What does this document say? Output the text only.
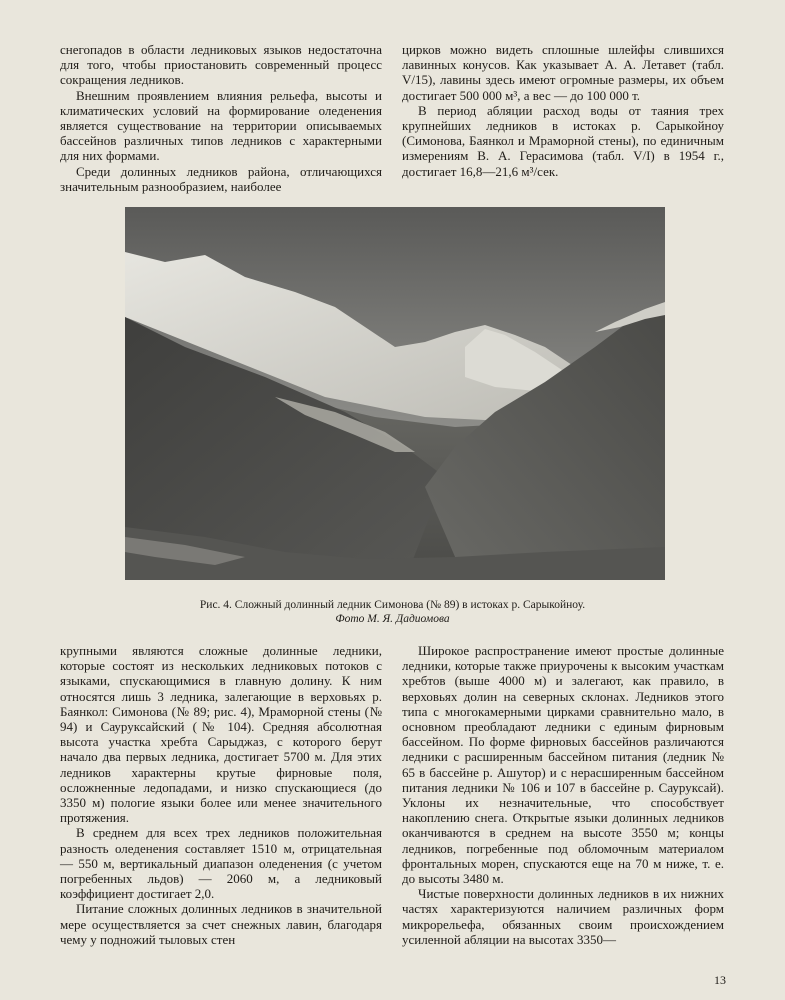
снегопадов в области ледниковых языков недостаточна для того, чтобы приостановить современный процесс сокращения ледников.

Внешним проявлением влияния рельефа, высоты и климатических условий на формирование оледенения является существование на территории описываемых бассейнов различных типов ледников с характерными для них формами.

Среди долинных ледников района, отличающихся значительным разнообразием, наиболее

цирков можно видеть сплошные шлейфы слившихся лавинных конусов. Как указывает А. А. Летавет (табл. V/15), лавины здесь имеют огромные размеры, их объем достигает 500 000 м³, а вес — до 100 000 т.

В период абляции расход воды от таяния трех крупнейших ледников в истоках р. Сарыкойноу (Симонова, Баянкол и Мраморной стены), по единичным измерениям В. А. Герасимова (табл. V/I) в 1954 г., достигает 16,8—21,6 м³/сек.

Рис. 4. Сложный долинный ледник Симонова (№ 89) в истоках р. Сарыкойноу.
Фото М. Я. Дадиомова

крупными являются сложные долинные ледники, которые состоят из нескольких ледниковых потоков с языками, спускающимися в главную долину. К ним относятся лишь 3 ледника, залегающие в верховьях р. Баянкол: Симонова (№ 89; рис. 4), Мраморной стены (№ 94) и Сауруксайский (№ 104). Средняя абсолютная высота участка хребта Сарыджаз, с которого берут начало два первых ледника, достигает 5700 м. Для этих ледников характерны крутые фирновые поля, осложненные ледопадами, и низко спускающиеся (до 3350 м) пологие языки более или менее значительного протяжения.

В среднем для всех трех ледников положительная разность оледенения составляет 1510 м, отрицательная — 550 м, вертикальный диапазон оледенения (с учетом погребенных льдов) — 2060 м, а ледниковый коэффициент достигает 2,0.

Питание сложных долинных ледников в значительной мере осуществляется за счет снежных лавин, благодаря чему у подножий тыловых стен

Широкое распространение имеют простые долинные ледники, которые также приурочены к высоким участкам хребтов (выше 4000 м) и залегают, как правило, в верховьях долин на северных склонах. Ледников этого типа с многокамерными цирками сравнительно мало, в основном преобладают ледники с единым фирновым бассейном. По форме фирновых бассейнов различаются ледники с расширенным бассейном питания (ледник № 65 в бассейне р. Ашутор) и с нерасширенным бассейном питания ледники № 106 и 107 в бассейне р. Сауруксай). Уклоны их незначительные, что способствует накоплению снега. Открытые языки долинных ледников оканчиваются в среднем на высоте 3550 м; концы ледников, погребенные под обломочным материалом фронтальных морен, спускаются еще на 70 м ниже, т. е. до высоты 3480 м.

Чистые поверхности долинных ледников в их нижних частях характеризуются наличием различных форм микрорельефа, обязанных своим происхождением усиленной абляции на высотах 3350—

13
